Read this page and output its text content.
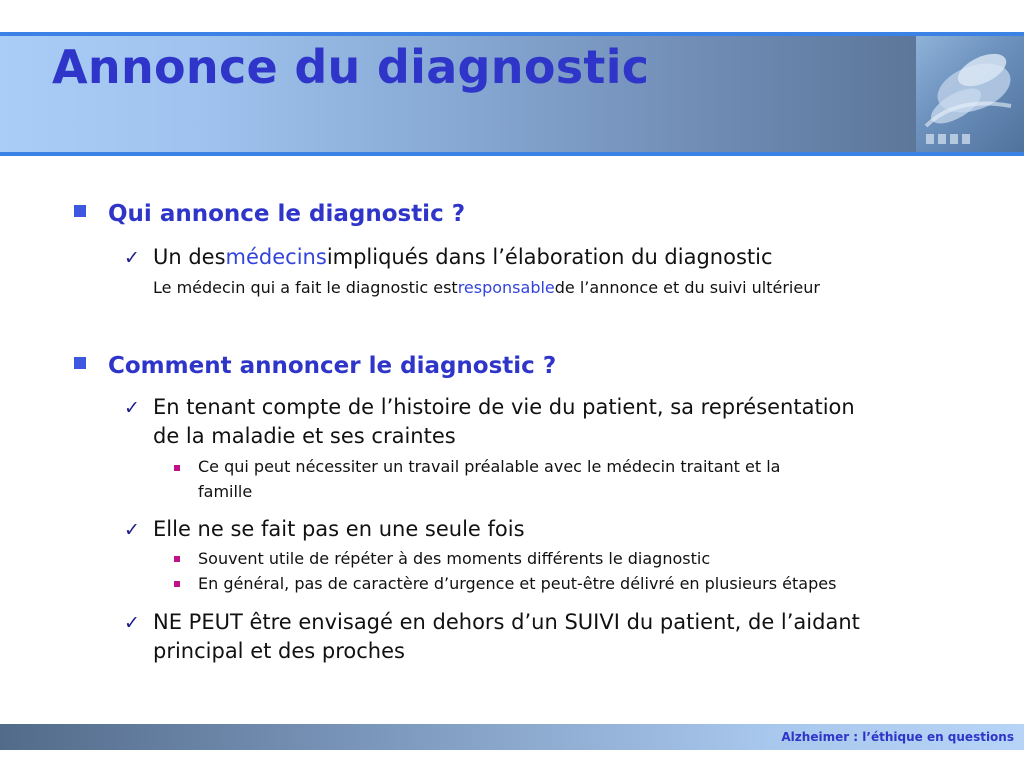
Annonce du diagnostic
Qui annonce le diagnostic ?
✓ Un des médecins impliqués dans l’élaboration du diagnostic
Le médecin qui a fait le diagnostic est responsable de l’annonce et du suivi ultérieur
Comment annoncer le diagnostic ?
✓ En tenant compte de l’histoire de vie du patient, sa représentation
de la maladie et ses craintes
Ce qui peut nécessiter un travail préalable avec le médecin traitant et la
famille
✓ Elle ne se fait pas en une seule fois
Souvent utile de répéter à des moments différents le diagnostic
En général, pas de caractère d’urgence et peut-être délivré en plusieurs étapes
✓ NE PEUT être envisagé en dehors d’un SUIVI du patient, de l’aidant
principal et des proches
Alzheimer : l’éthique en questions
